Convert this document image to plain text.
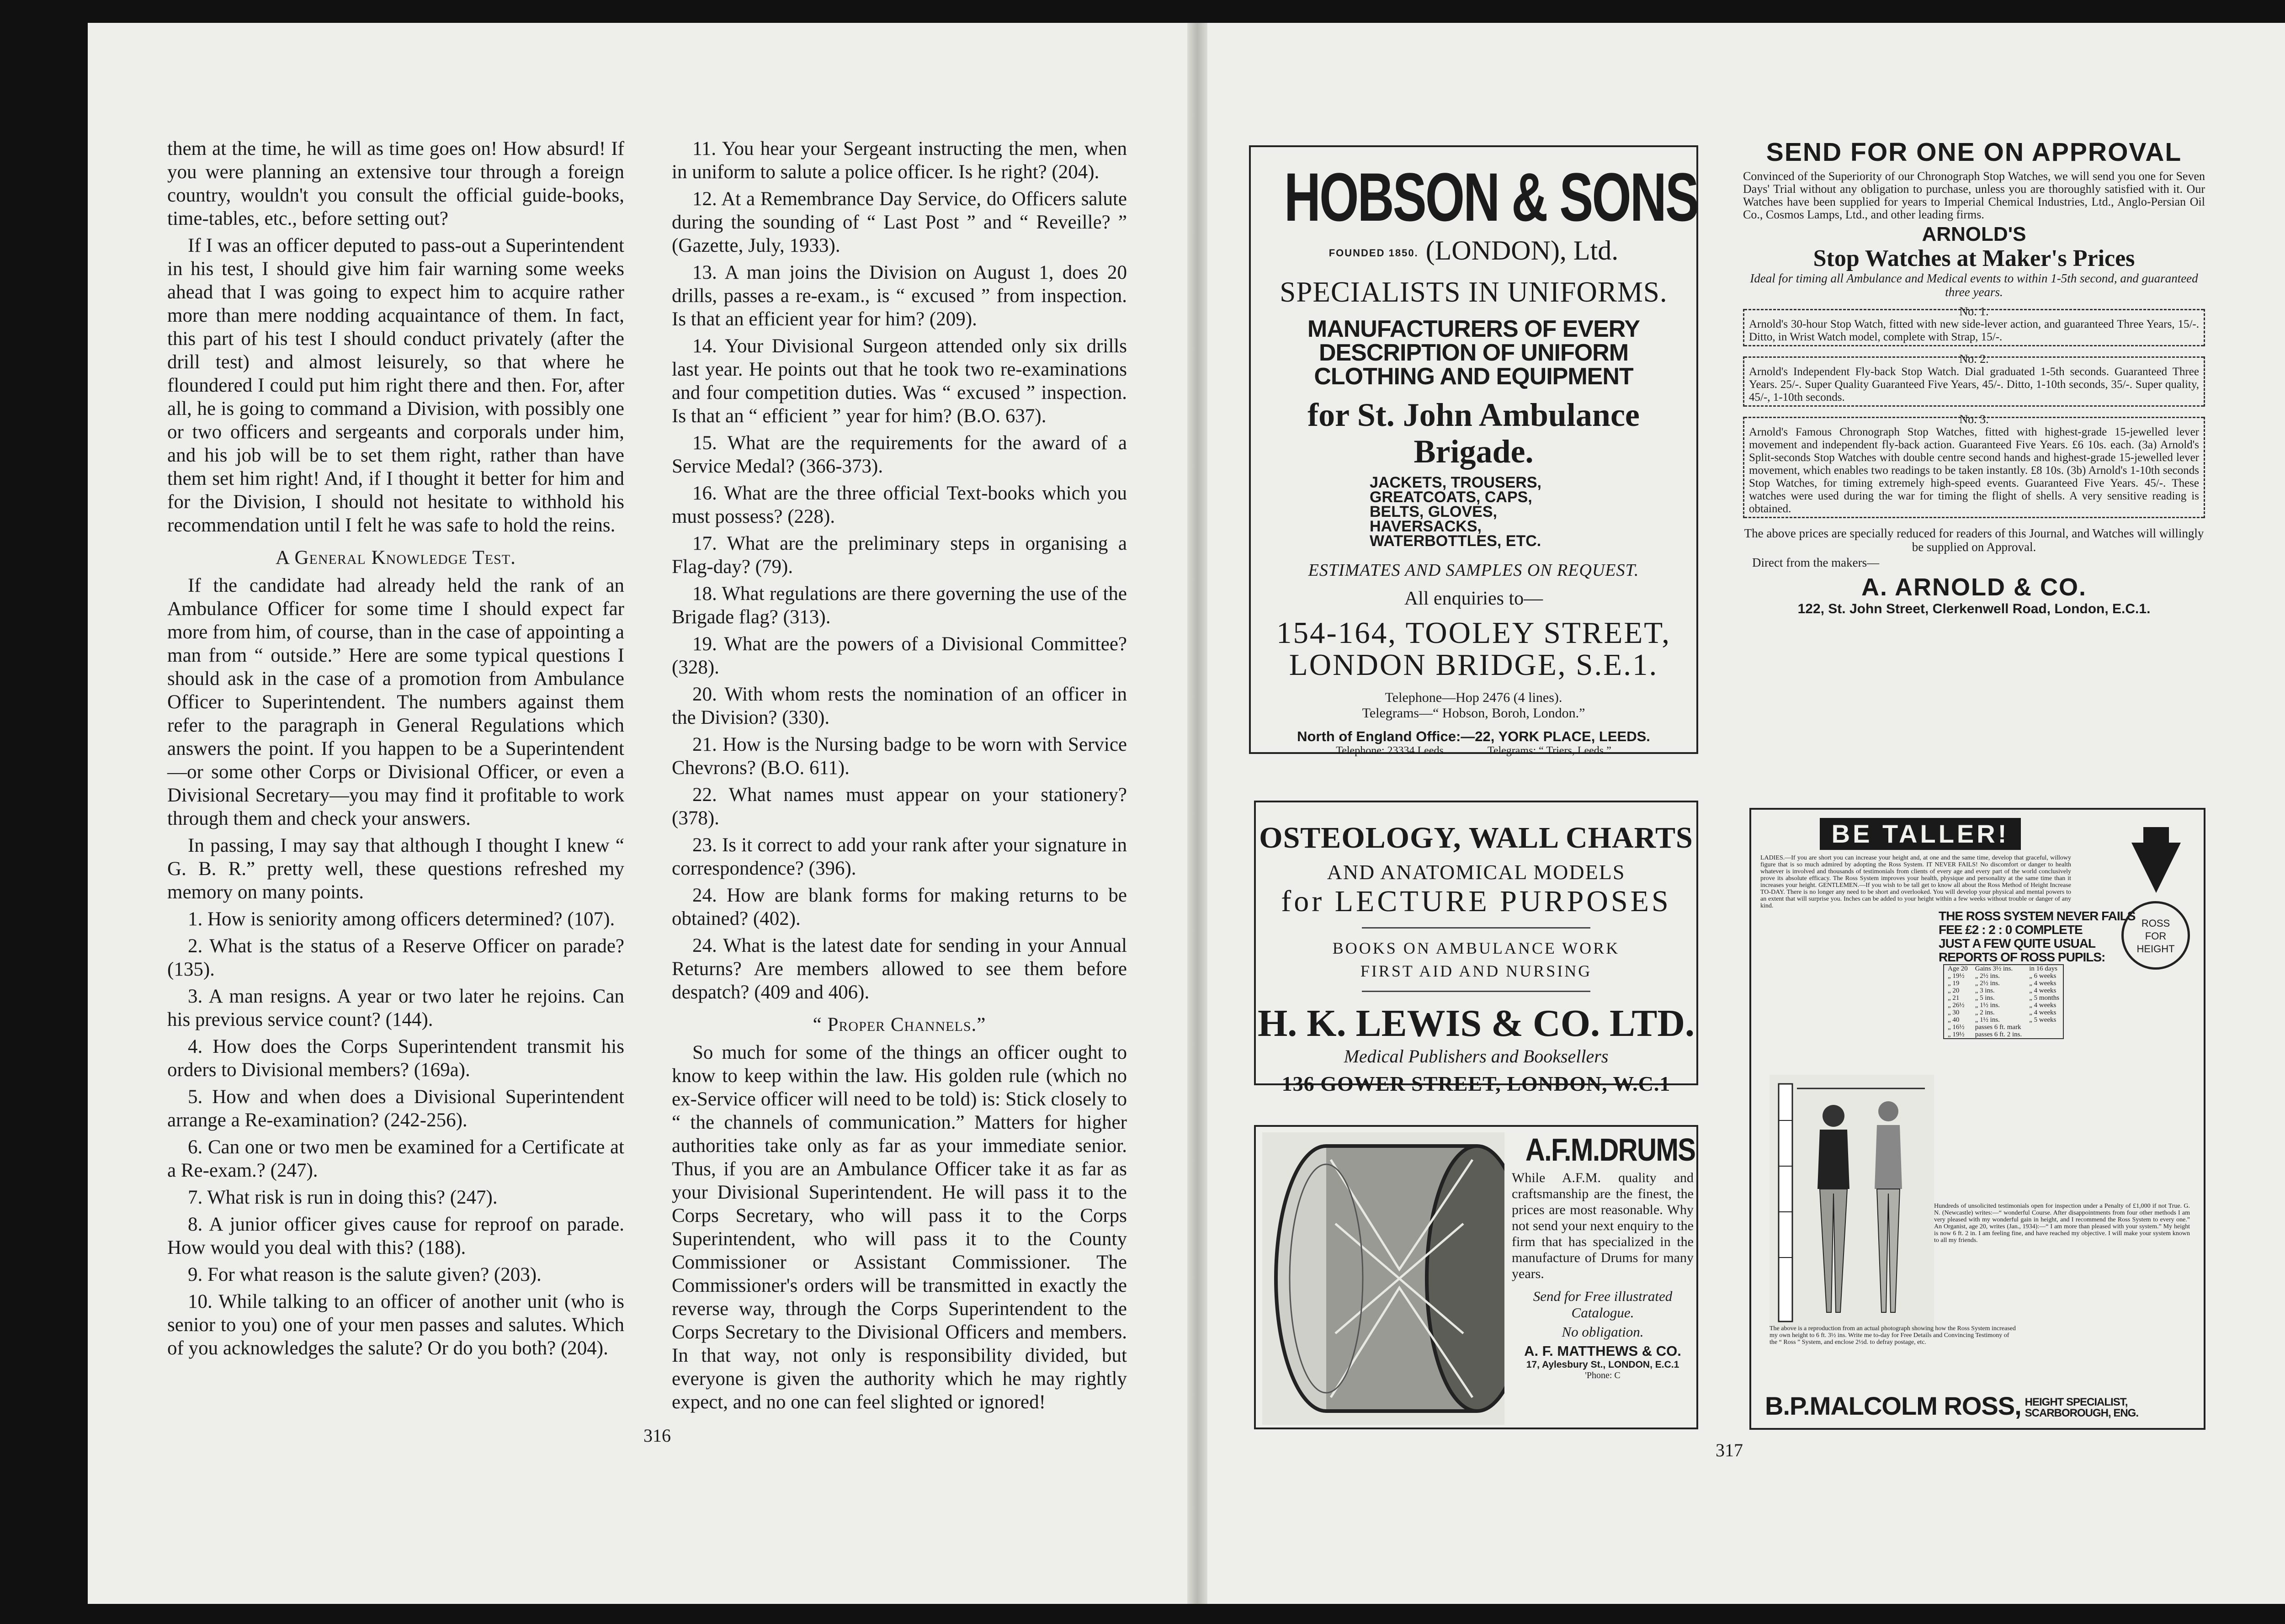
them at the time, he will as time goes on! How absurd! If you were planning an extensive tour through a foreign country, wouldn't you consult the official guide-books, time-tables, etc., before setting out?

If I was an officer deputed to pass-out a Superintendent in his test, I should give him fair warning some weeks ahead that I was going to expect him to acquire rather more than mere nodding acquaintance of them. In fact, this part of his test I should conduct privately (after the drill test) and almost leisurely, so that where he floundered I could put him right there and then. For, after all, he is going to command a Division, with possibly one or two officers and sergeants and corporals under him, and his job will be to set them right, rather than have them set him right! And, if I thought it better for him and for the Division, I should not hesitate to withhold his recommendation until I felt he was safe to hold the reins.

A General Knowledge Test.

If the candidate had already held the rank of an Ambulance Officer for some time I should expect far more from him, of course, than in the case of appointing a man from “ outside.” Here are some typical questions I should ask in the case of a promotion from Ambulance Officer to Superintendent. The numbers against them refer to the paragraph in General Regulations which answers the point. If you happen to be a Superintendent—or some other Corps or Divisional Officer, or even a Divisional Secretary—you may find it profitable to work through them and check your answers.

In passing, I may say that although I thought I knew “ G. B. R.” pretty well, these questions refreshed my memory on many points.

1. How is seniority among officers determined? (107).

2. What is the status of a Reserve Officer on parade? (135).

3. A man resigns. A year or two later he rejoins. Can his previous service count? (144).

4. How does the Corps Superintendent transmit his orders to Divisional members? (169a).

5. How and when does a Divisional Superintendent arrange a Re-examination? (242-256).

6. Can one or two men be examined for a Certificate at a Re-exam.? (247).

7. What risk is run in doing this? (247).

8. A junior officer gives cause for reproof on parade. How would you deal with this? (188).

9. For what reason is the salute given? (203).

10. While talking to an officer of another unit (who is senior to you) one of your men passes and salutes. Which of you acknowledges the salute? Or do you both? (204).

11. You hear your Sergeant instructing the men, when in uniform to salute a police officer. Is he right? (204).

12. At a Remembrance Day Service, do Officers salute during the sounding of “ Last Post ” and “ Reveille? ” (Gazette, July, 1933).

13. A man joins the Division on August 1, does 20 drills, passes a re-exam., is “ excused ” from inspection. Is that an efficient year for him? (209).

14. Your Divisional Surgeon attended only six drills last year. He points out that he took two re-examinations and four competition duties. Was “ excused ” inspection. Is that an “ efficient ” year for him? (B.O. 637).

15. What are the requirements for the award of a Service Medal? (366-373).

16. What are the three official Text-books which you must possess? (228).

17. What are the preliminary steps in organising a Flag-day? (79).

18. What regulations are there governing the use of the Brigade flag? (313).

19. What are the powers of a Divisional Committee? (328).

20. With whom rests the nomination of an officer in the Division? (330).

21. How is the Nursing badge to be worn with Service Chevrons? (B.O. 611).

22. What names must appear on your stationery? (378).

23. Is it correct to add your rank after your signature in correspondence? (396).

24. How are blank forms for making returns to be obtained? (402).

24. What is the latest date for sending in your Annual Returns? Are members allowed to see them before despatch? (409 and 406).

“ Proper Channels.”

So much for some of the things an officer ought to know to keep within the law. His golden rule (which no ex-Service officer will need to be told) is: Stick closely to “ the channels of communication.” Matters for higher authorities take only as far as your immediate senior. Thus, if you are an Ambulance Officer take it as far as your Divisional Superintendent. He will pass it to the Corps Secretary, who will pass it to the Corps Superintendent, who will pass it to the County Commissioner or Assistant Commissioner. The Commissioner's orders will be transmitted in exactly the reverse way, through the Corps Superintendent to the Corps Secretary to the Divisional Officers and members. In that way, not only is responsibility divided, but everyone is given the authority which he may rightly expect, and no one can feel slighted or ignored!

316
317
HOBSON & SONS
FOUNDED 1850. (LONDON), Ltd.
SPECIALISTS IN UNIFORMS.
MANUFACTURERS OF EVERY DESCRIPTION OF UNIFORM CLOTHING AND EQUIPMENT
for St. John Ambulance Brigade.
JACKETS, TROUSERS, GREATCOATS, CAPS, BELTS, GLOVES, HAVERSACKS, WATERBOTTLES, ETC.
ESTIMATES AND SAMPLES ON REQUEST.
All enquiries to—
154-164, TOOLEY STREET,
LONDON BRIDGE, S.E.1.
Telephone—Hop 2476 (4 lines).
Telegrams—“ Hobson, Boroh, London.”
North of England Office:—22, YORK PLACE, LEEDS.
Telephone: 23334 Leeds.	Telegrams: “ Triers, Leeds.”
SEND FOR ONE ON APPROVAL
Convinced of the Superiority of our Chronograph Stop Watches, we will send you one for Seven Days' Trial without any obligation to purchase, unless you are thoroughly satisfied with it. Our Watches have been supplied for years to Imperial Chemical Industries, Ltd., Anglo-Persian Oil Co., Cosmos Lamps, Ltd., and other leading firms.
ARNOLD'S
Stop Watches at Maker's Prices
Ideal for timing all Ambulance and Medical events to within 1-5th second, and guaranteed three years.
No. 1.
Arnold's 30-hour Stop Watch, fitted with new side-lever action, and guaranteed Three Years, 15/-. Ditto, in Wrist Watch model, complete with Strap, 15/-.
No. 2.
Arnold's Independent Fly-back Stop Watch. Dial graduated 1-5th seconds. Guaranteed Three Years. 25/-. Super Quality Guaranteed Five Years, 45/-. Ditto, 1-10th seconds, 35/-. Super quality, 45/-, 1-10th seconds.
No. 3.
Arnold's Famous Chronograph Stop Watches, fitted with highest-grade 15-jewelled lever movement and independent fly-back action. Guaranteed Five Years. £6 10s. each. (3a) Arnold's Split-seconds Stop Watches with double centre second hands and highest-grade 15-jewelled lever movement, which enables two readings to be taken instantly. £8 10s. (3b) Arnold's 1-10th seconds Stop Watches, for timing extremely high-speed events. Guaranteed Five Years. 45/-. These watches were used during the war for timing the flight of shells. A very sensitive reading is obtained.
The above prices are specially reduced for readers of this Journal, and Watches will willingly be supplied on Approval.
Direct from the makers—
A. ARNOLD & CO.
122, St. John Street, Clerkenwell Road, London, E.C.1.
OSTEOLOGY, WALL CHARTS
AND ANATOMICAL MODELS
for LECTURE PURPOSES
BOOKS ON AMBULANCE WORK
FIRST AID AND NURSING
H. K. LEWIS & CO. LTD.
Medical Publishers and Booksellers
136 GOWER STREET, LONDON, W.C.1
A.F.M.DRUMS
While A.F.M. quality and craftsmanship are the finest, the prices are most reasonable. Why not send your next enquiry to the firm that has specialized in the manufacture of Drums for many years.
Send for Free illustrated Catalogue.
No obligation.
A. F. MATTHEWS & CO.
17, Aylesbury St., LONDON, E.C.1
'Phone: C
BE TALLER!
ROSS
FOR
HEIGHT
LADIES.—If you are short you can increase your height and, at one and the same time, develop that graceful, willowy figure that is so much admired by adopting the Ross System. IT NEVER FAILS! No discomfort or danger to health whatever is involved and thousands of testimonials from clients of every age and every part of the world conclusively prove its absolute efficacy. The Ross System improves your health, physique and personality at the same time than it increases your height. GENTLEMEN.—If you wish to be tall get to know all about the Ross Method of Height Increase TO-DAY. There is no longer any need to be short and overlooked. You will develop your physical and mental powers to an extent that will surprise you. Inches can be added to your height within a few weeks without trouble or danger of any kind.
THE ROSS SYSTEM NEVER FAILS
FEE £2 : 2 : 0 COMPLETE
JUST A FEW QUITE USUAL
REPORTS OF ROSS PUPILS:
Age 20	Gains 3½ ins.	in 16 days
„ 19½	„ 2½ ins.	„ 6 weeks
„ 19	„ 2½ ins.	„ 4 weeks
„ 20	„ 3 ins.	„ 4 weeks
„ 21	„ 5 ins.	„ 5 months
„ 26½	„ 1½ ins.	„ 4 weeks
„ 30	„ 2 ins.	„ 4 weeks
„ 40	„ 1½ ins.	„ 5 weeks
„ 16½	passes 6 ft. mark	
„ 19½	passes 6 ft. 2 ins.	
Hundreds of unsolicited testimonials open for inspection under a Penalty of £1,000 if not True. G. N. (Newcastle) writes:—“ wonderful Course. After disappointments from four other methods I am very pleased with my wonderful gain in height, and I recommend the Ross System to every one.” An Organist, age 20, writes (Jan., 1934):—“ I am more than pleased with your system.” My height is now 6 ft. 2 in. I am feeling fine, and have reached my objective. I will make your system known to all my friends.
The above is a reproduction from an actual photograph showing how the Ross System increased my own height to 6 ft. 3½ ins. Write me to-day for Free Details and Convincing Testimony of the “ Ross ” System, and enclose 2½d. to defray postage, etc.
B.P.MALCOLM ROSS, HEIGHT SPECIALIST,
SCARBOROUGH, ENG.
